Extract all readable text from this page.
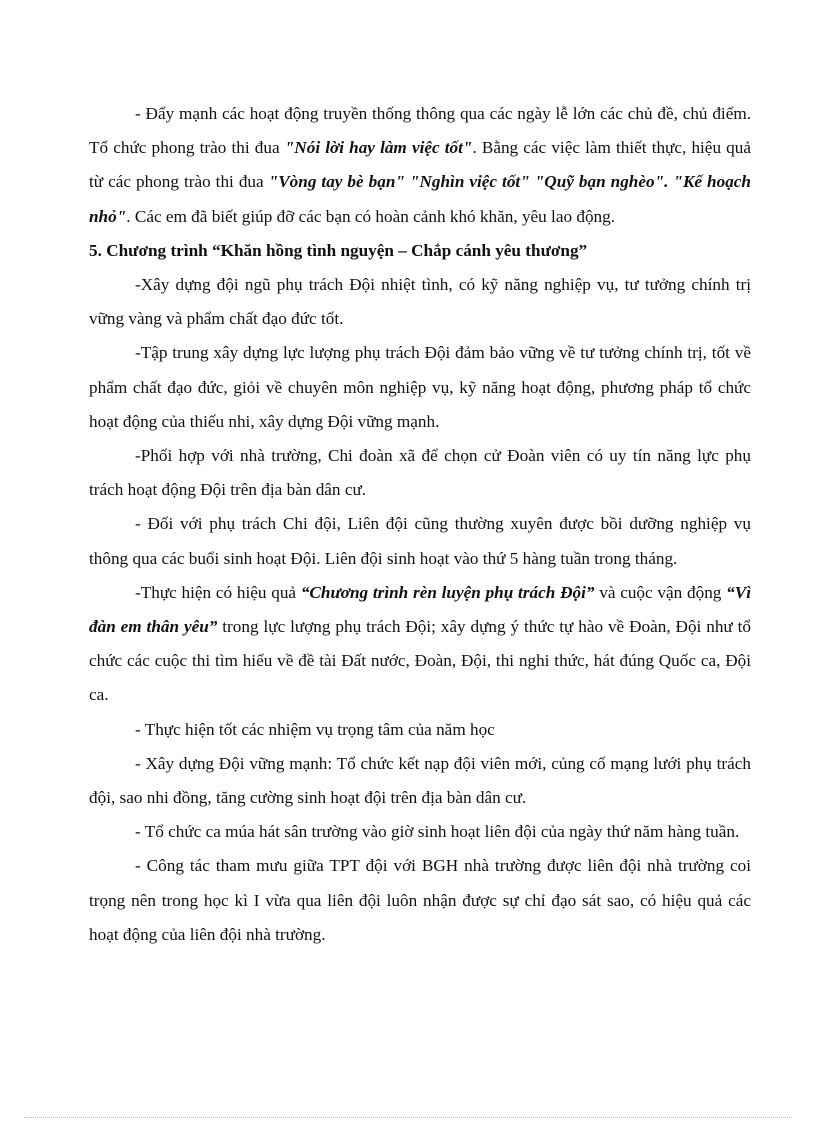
- Đẩy mạnh các hoạt động truyền thống thông qua các ngày lễ lớn các chủ đề, chủ điểm. Tổ chức phong trào thi đua "Nói lời hay làm việc tốt". Bằng các việc làm thiết thực, hiệu quả từ các phong trào thi đua "Vòng tay bè bạn" "Nghìn việc tốt" "Quỹ bạn nghèo". "Kế hoạch nhỏ". Các em đã biết giúp đỡ các bạn có hoàn cảnh khó khăn, yêu lao động.

5. Chương trình “Khăn hồng tình nguyện – Chắp cánh yêu thương”

-Xây dựng đội ngũ phụ trách Đội nhiệt tình, có kỹ năng nghiệp vụ, tư tưởng chính trị vững vàng và phẩm chất đạo đức tốt.

-Tập trung xây dựng lực lượng phụ trách Đội đảm bảo vững về tư tưởng chính trị, tốt về phẩm chất đạo đức, giỏi về chuyên môn nghiệp vụ, kỹ năng hoạt động, phương pháp tổ chức hoạt động của thiếu nhi, xây dựng Đội vững mạnh.

-Phối hợp với nhà trường, Chi đoàn xã để chọn cử Đoàn viên có uy tín năng lực phụ trách hoạt động Đội trên địa bàn dân cư.

- Đối với phụ trách Chi đội, Liên đội cũng thường xuyên được bồi dưỡng nghiệp vụ thông qua các buổi sinh hoạt Đội. Liên đội sinh hoạt vào thứ 5 hàng tuần trong tháng.

-Thực hiện có hiệu quả “Chương trình rèn luyện phụ trách Đội” và cuộc vận động “Vì đàn em thân yêu” trong lực lượng phụ trách Đội; xây dựng ý thức tự hào về Đoàn, Đội như tổ chức các cuộc thi tìm hiểu về đề tài Đất nước, Đoàn, Đội, thi nghi thức, hát đúng Quốc ca, Đội ca.

- Thực hiện tốt các nhiệm vụ trọng tâm của năm học

- Xây dựng Đội vững mạnh: Tổ chức kết nạp đội viên mới, củng cố mạng lưới phụ trách đội, sao nhi đồng, tăng cường sinh hoạt đội trên địa bàn dân cư.

- Tổ chức ca múa hát sân trường vào giờ sinh hoạt liên đội của ngày thứ năm hàng tuần.

- Công tác tham mưu giữa TPT đội với BGH nhà trường được liên đội nhà trường coi trọng nên trong học kì I vừa qua liên đội luôn nhận được sự chỉ đạo sát sao, có hiệu quả các hoạt động của liên đội nhà trường.
